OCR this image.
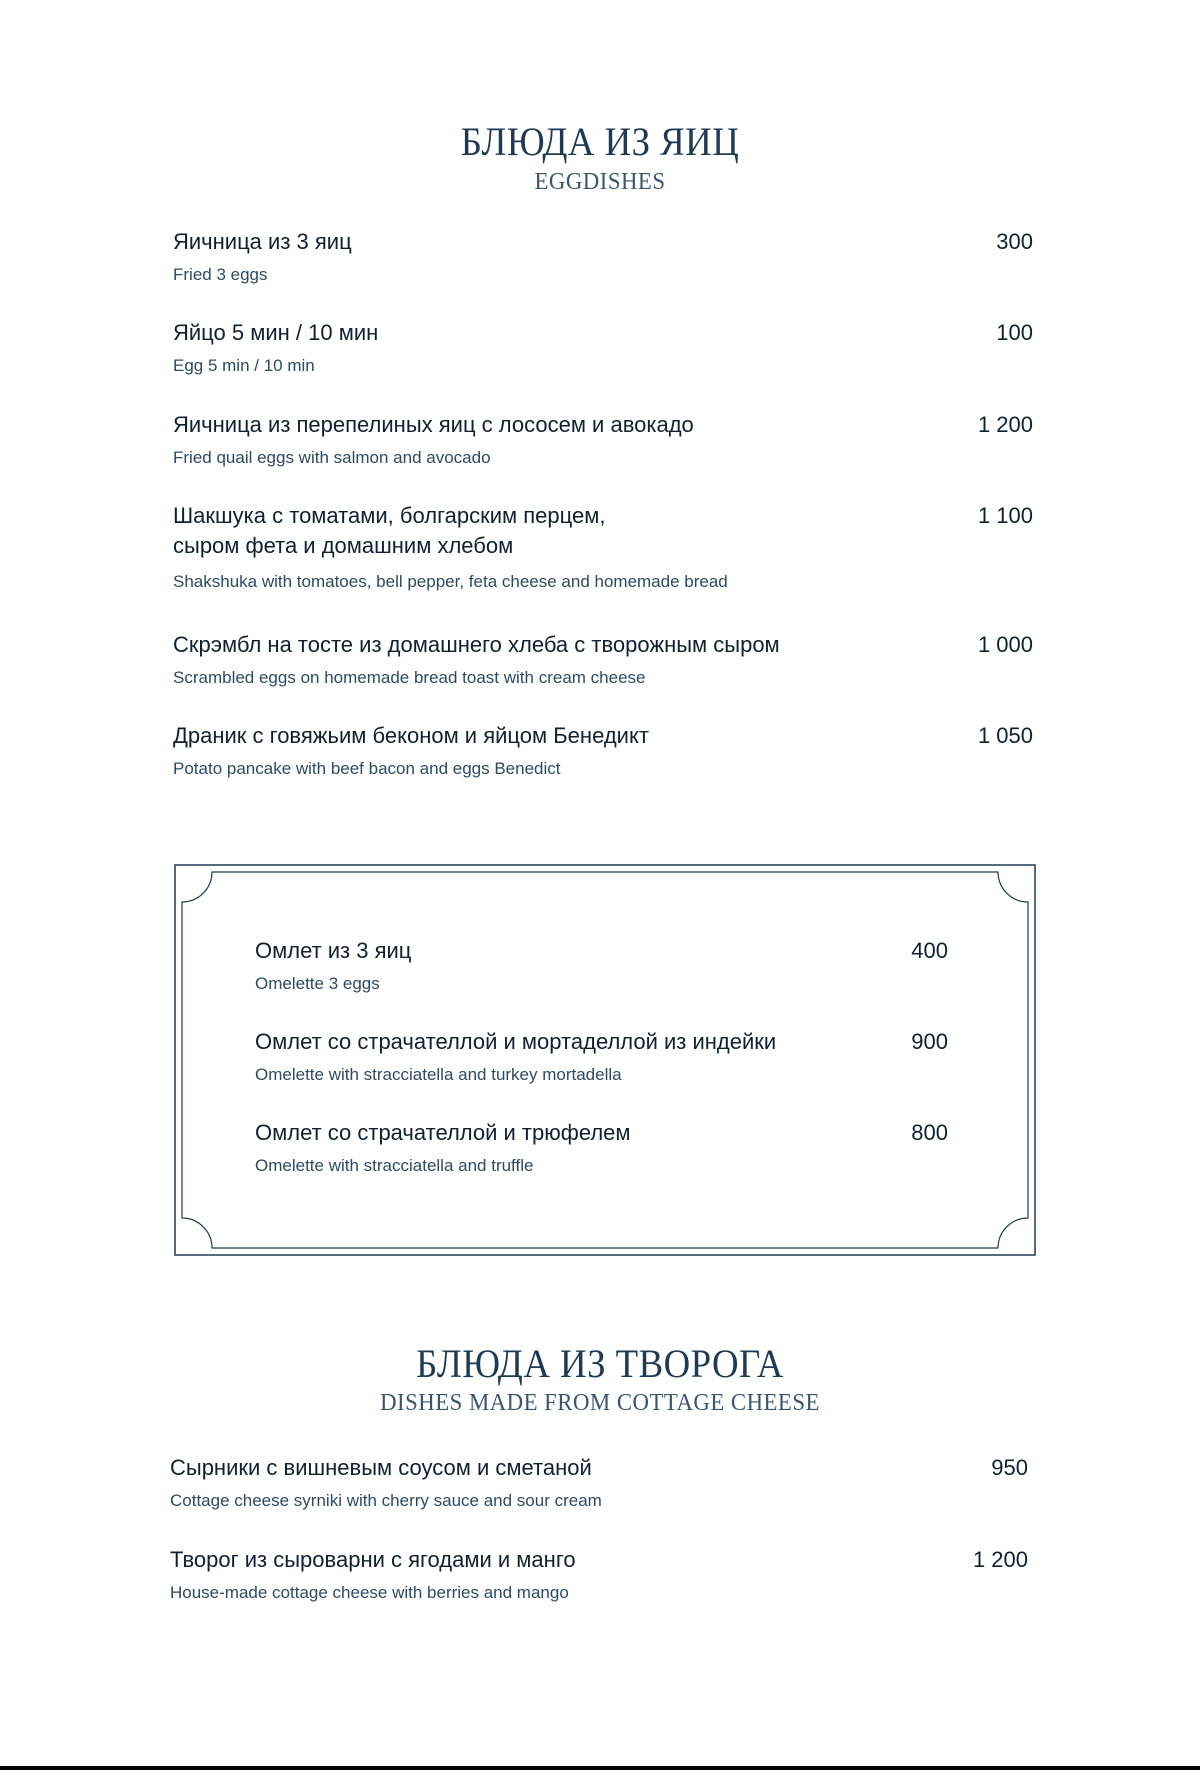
БЛЮДА ИЗ ЯИЦ
EGGDISHES
Яичница из 3 яиц
Fried 3 eggs
300
Яйцо 5 мин / 10 мин
Egg 5 min / 10 min
100
Яичница из перепелиных яиц с лососем и авокадо
Fried quail eggs with salmon and avocado
1 200
Шакшука с томатами, болгарским перцем,
сыром фета и домашним хлебом
Shakshuka with tomatoes, bell pepper, feta cheese and homemade bread
1 100
Скрэмбл на тосте из домашнего хлеба с творожным сыром
Scrambled eggs on homemade bread toast with cream cheese
1 000
Драник с говяжьим беконом и яйцом Бенедикт
Potato pancake with beef bacon and eggs Benedict
1 050
Омлет из 3 яиц
Omelette 3 eggs
400
Омлет со страчателлой и мортаделлой из индейки
Omelette with stracciatella and turkey mortadella
900
Омлет со страчателлой и трюфелем
Omelette with stracciatella and truffle
800
БЛЮДА ИЗ ТВОРОГА
DISHES MADE FROM COTTAGE CHEESE
Сырники с вишневым соусом и сметаной
Cottage cheese syrniki with cherry sauce and sour cream
950
Творог из сыроварни с ягодами и манго
House-made cottage cheese with berries and mango
1 200
